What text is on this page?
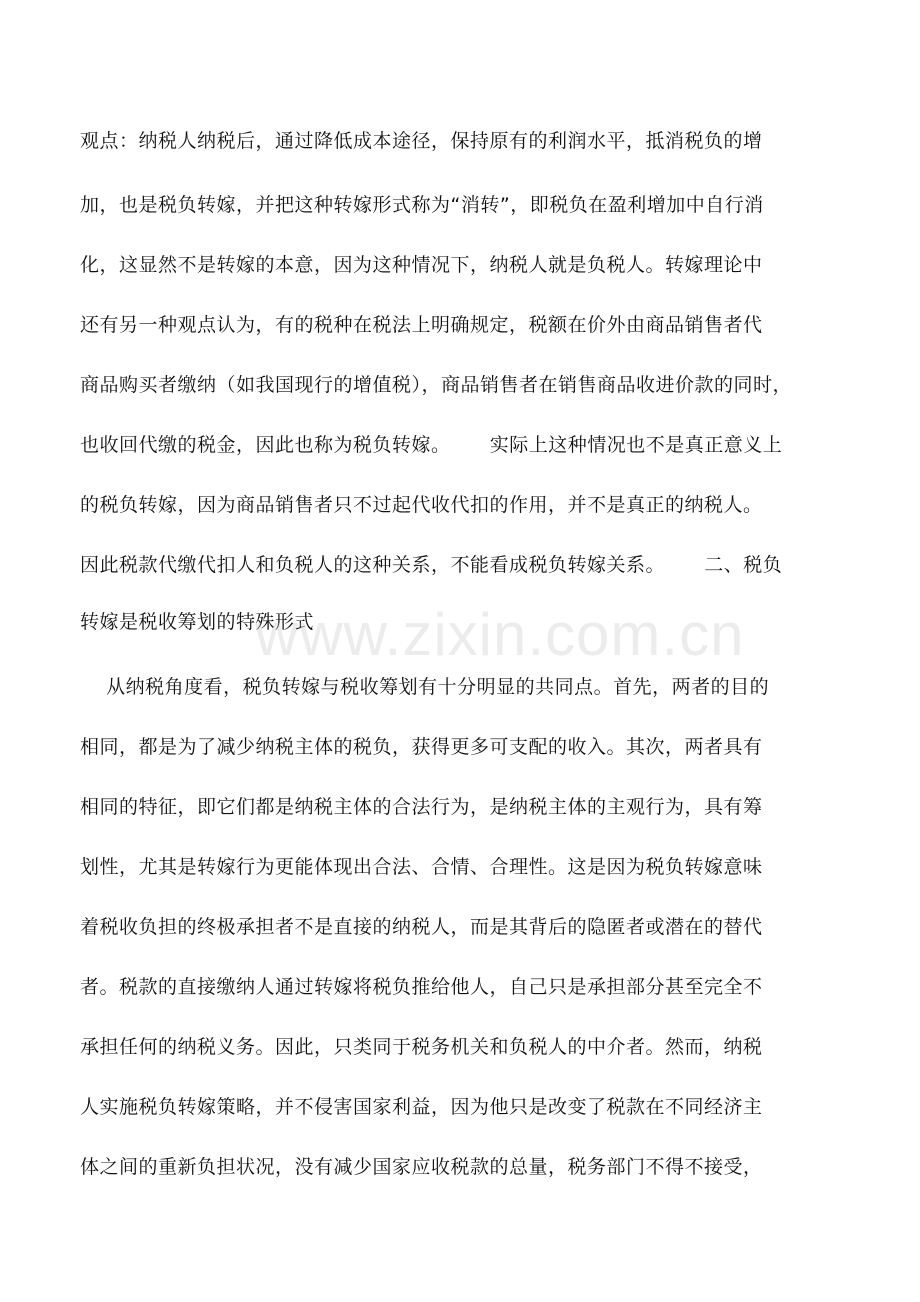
观点：纳税人纳税后，通过降低成本途径，保持原有的利润水平，抵消税负的增
加，也是税负转嫁，并把这种转嫁形式称为“消转”，即税负在盈利增加中自行消
化，这显然不是转嫁的本意，因为这种情况下，纳税人就是负税人。转嫁理论中
还有另一种观点认为，有的税种在税法上明确规定，税额在价外由商品销售者代
商品购买者缴纳（如我国现行的增值税），商品销售者在销售商品收进价款的同时，
也收回代缴的税金，因此也称为税负转嫁。      实际上这种情况也不是真正意义上
的税负转嫁，因为商品销售者只不过起代收代扣的作用，并不是真正的纳税人。
因此税款代缴代扣人和负税人的这种关系，不能看成税负转嫁关系。      二、税负
转嫁是税收筹划的特殊形式
从纳税角度看，税负转嫁与税收筹划有十分明显的共同点。首先，两者的目的
相同，都是为了减少纳税主体的税负，获得更多可支配的收入。其次，两者具有
相同的特征，即它们都是纳税主体的合法行为，是纳税主体的主观行为，具有筹
划性，尤其是转嫁行为更能体现出合法、合情、合理性。这是因为税负转嫁意味
着税收负担的终极承担者不是直接的纳税人，而是其背后的隐匿者或潜在的替代
者。税款的直接缴纳人通过转嫁将税负推给他人，自己只是承担部分甚至完全不
承担任何的纳税义务。因此，只类同于税务机关和负税人的中介者。然而，纳税
人实施税负转嫁策略，并不侵害国家利益，因为他只是改变了税款在不同经济主
体之间的重新负担状况，没有减少国家应收税款的总量，税务部门不得不接受，
www.zixin.com.cn
